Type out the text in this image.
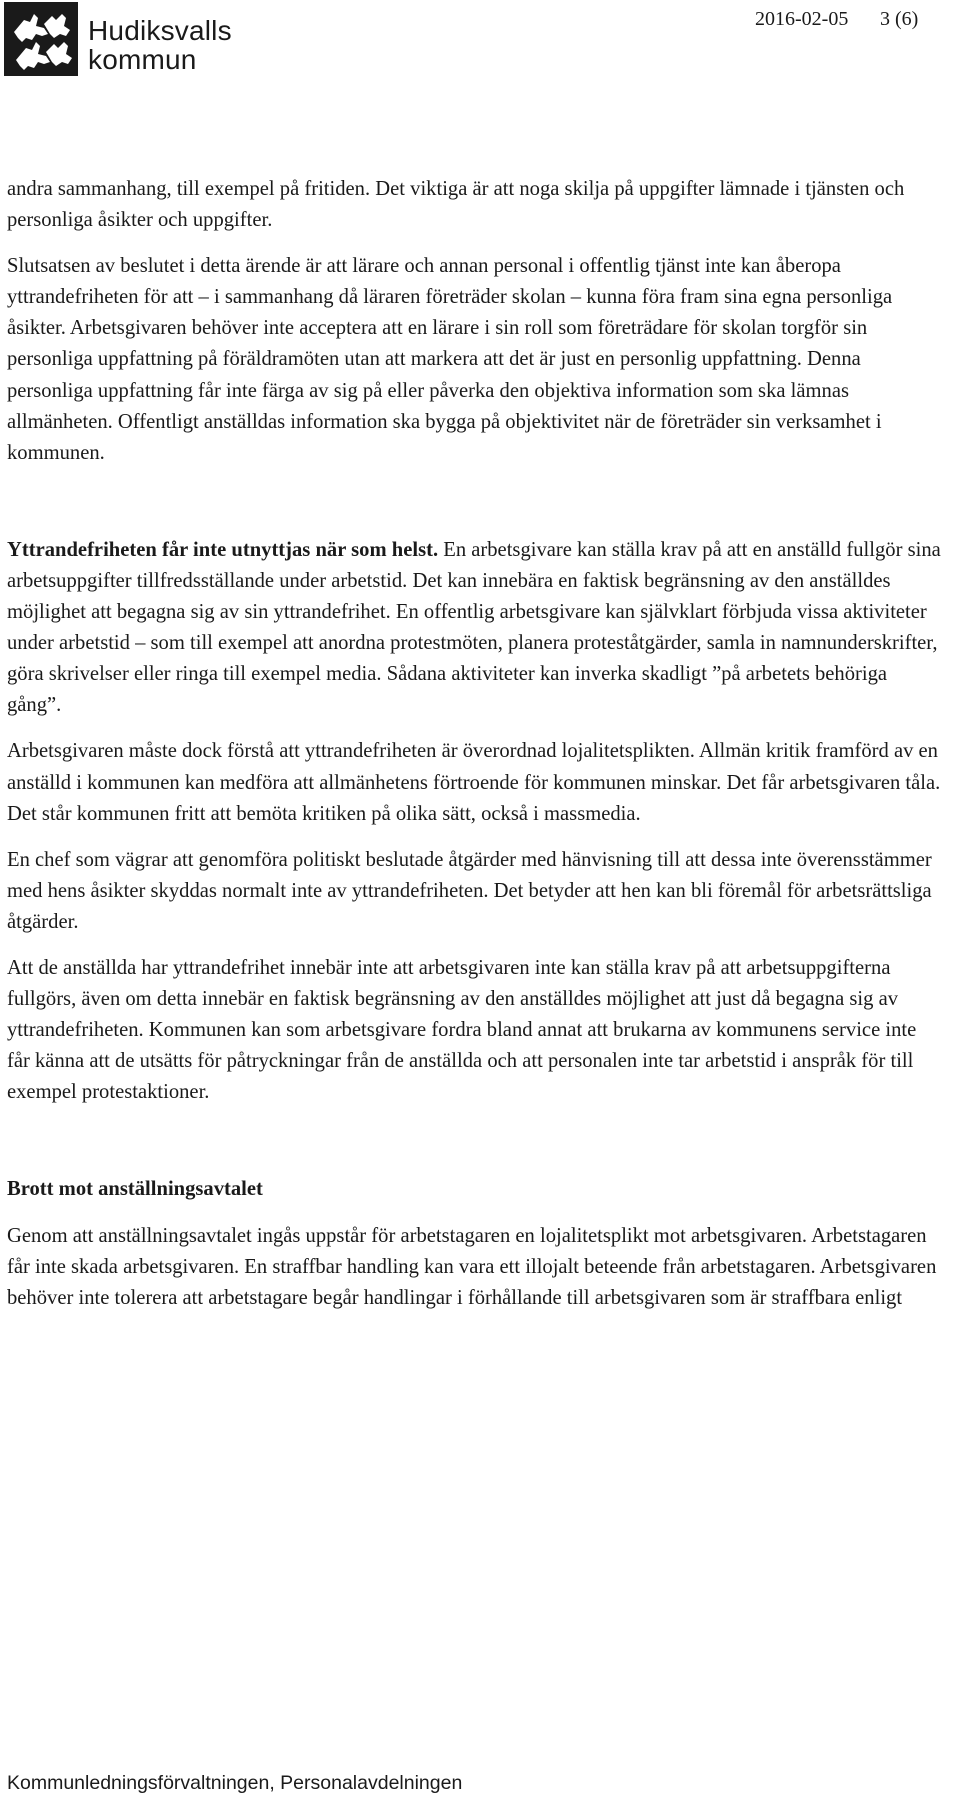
Hudiksvalls
kommun
2016-02-05 3 (6)

andra sammanhang, till exempel på fritiden. Det viktiga är att noga skilja på uppgifter lämnade i tjänsten och personliga åsikter och uppgifter.

Slutsatsen av beslutet i detta ärende är att lärare och annan personal i offentlig tjänst inte kan åberopa yttrandefriheten för att – i sammanhang då läraren företräder skolan – kunna föra fram sina egna personliga åsikter. Arbetsgivaren behöver inte acceptera att en lärare i sin roll som företrädare för skolan torgför sin personliga uppfattning på föräldramöten utan att markera att det är just en personlig uppfattning. Denna personliga uppfattning får inte färga av sig på eller påverka den objektiva information som ska lämnas allmänheten. Offentligt anställdas information ska bygga på objektivitet när de företräder sin verksamhet i kommunen.

Yttrandefriheten får inte utnyttjas när som helst. En arbetsgivare kan ställa krav på att en anställd fullgör sina arbetsuppgifter tillfredsställande under arbetstid. Det kan innebära en faktisk begränsning av den anställdes möjlighet att begagna sig av sin yttrandefrihet. En offentlig arbetsgivare kan självklart förbjuda vissa aktiviteter under arbetstid – som till exempel att anordna protestmöten, planera proteståtgärder, samla in namnunderskrifter, göra skrivelser eller ringa till exempel media. Sådana aktiviteter kan inverka skadligt ”på arbetets behöriga gång”.

Arbetsgivaren måste dock förstå att yttrandefriheten är överordnad lojalitetsplikten. Allmän kritik framförd av en anställd i kommunen kan medföra att allmänhetens förtroende för kommunen minskar. Det får arbetsgivaren tåla. Det står kommunen fritt att bemöta kritiken på olika sätt, också i massmedia.

En chef som vägrar att genomföra politiskt beslutade åtgärder med hänvisning till att dessa inte överensstämmer med hens åsikter skyddas normalt inte av yttrandefriheten. Det betyder att hen kan bli föremål för arbetsrättsliga åtgärder.

Att de anställda har yttrandefrihet innebär inte att arbetsgivaren inte kan ställa krav på att arbetsuppgifterna fullgörs, även om detta innebär en faktisk begränsning av den anställdes möjlighet att just då begagna sig av yttrandefriheten. Kommunen kan som arbetsgivare fordra bland annat att brukarna av kommunens service inte får känna att de utsätts för påtryckningar från de anställda och att personalen inte tar arbetstid i anspråk för till exempel protestaktioner.

Brott mot anställningsavtalet

Genom att anställningsavtalet ingås uppstår för arbetstagaren en lojalitetsplikt mot arbetsgivaren. Arbetstagaren får inte skada arbetsgivaren. En straffbar handling kan vara ett illojalt beteende från arbetstagaren. Arbetsgivaren behöver inte tolerera att arbetstagare begår handlingar i förhållande till arbetsgivaren som är straffbara enligt

Kommunledningsförvaltningen, Personalavdelningen
